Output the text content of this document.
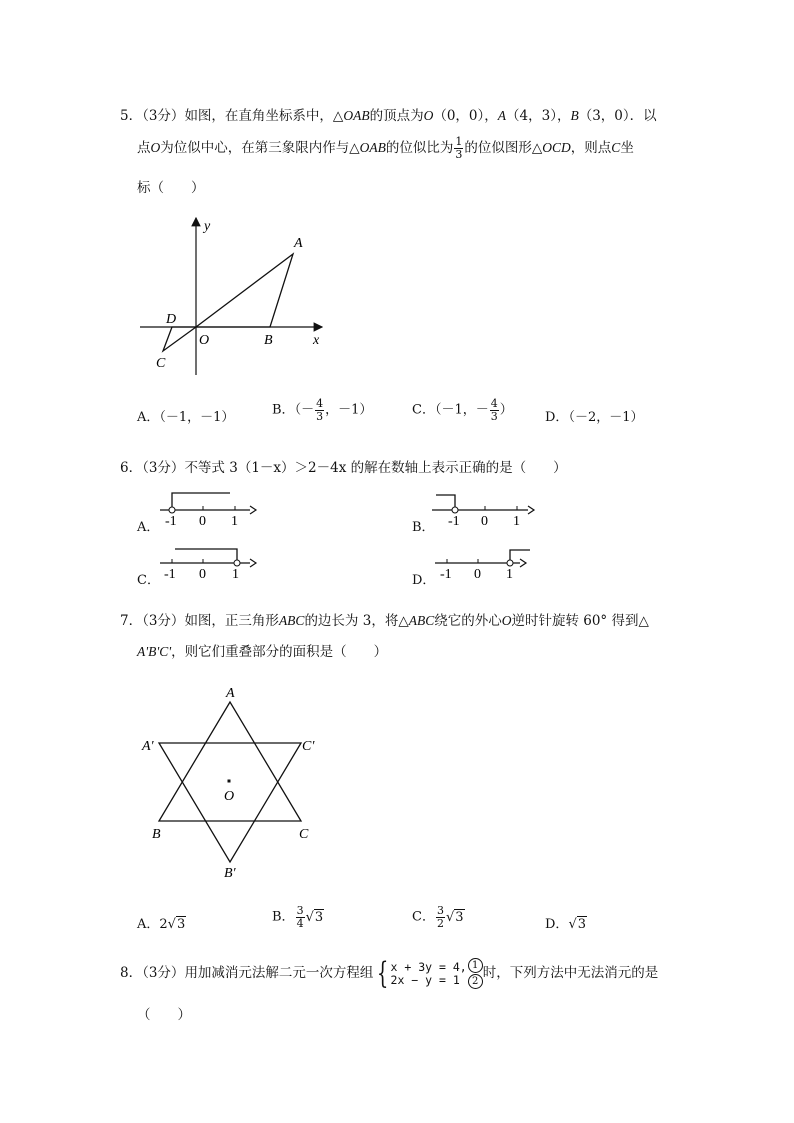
5．（3分）如图，在直角坐标系中，△OAB的顶点为O（0，0），A（4，3），B（3，0）．以
点O为位似中心，在第三象限内作与△OAB的位似比为 $\frac{1}{3}$ 的位似图形△OCD，则点C坐
标（　　）
y
A
D
O	B	x
C
A．（－1，－1）	B．（－ $\frac{4}{3}$ ，－1）	C．（－1，－ $\frac{4}{3}$ ） D．（－2，－1）
6．（3分）不等式 3（1－x）＞2－4x 的解在数轴上表示正确的是（　　）
A． -1 0 1	B． -1 0 1
C． -1 0 1	D． -1 0 1
7．（3分）如图，正三角形ABC的边长为 3，将△ABC绕它的外心O逆时针旋转 60° 得到△
A'B'C'，则它们重叠部分的面积是（　　）
A
A′	C′
O
B	C
B′
A．2√3	B． $\frac{3}{4} √3$	C． $\frac{3}{2} √3$	D．√3
8．（3分）用加减消元法解二元一次方程组 { x + 3y = 4,
2x − y = 1
1
2
时，下列方法中无法消元的是
（　　）
